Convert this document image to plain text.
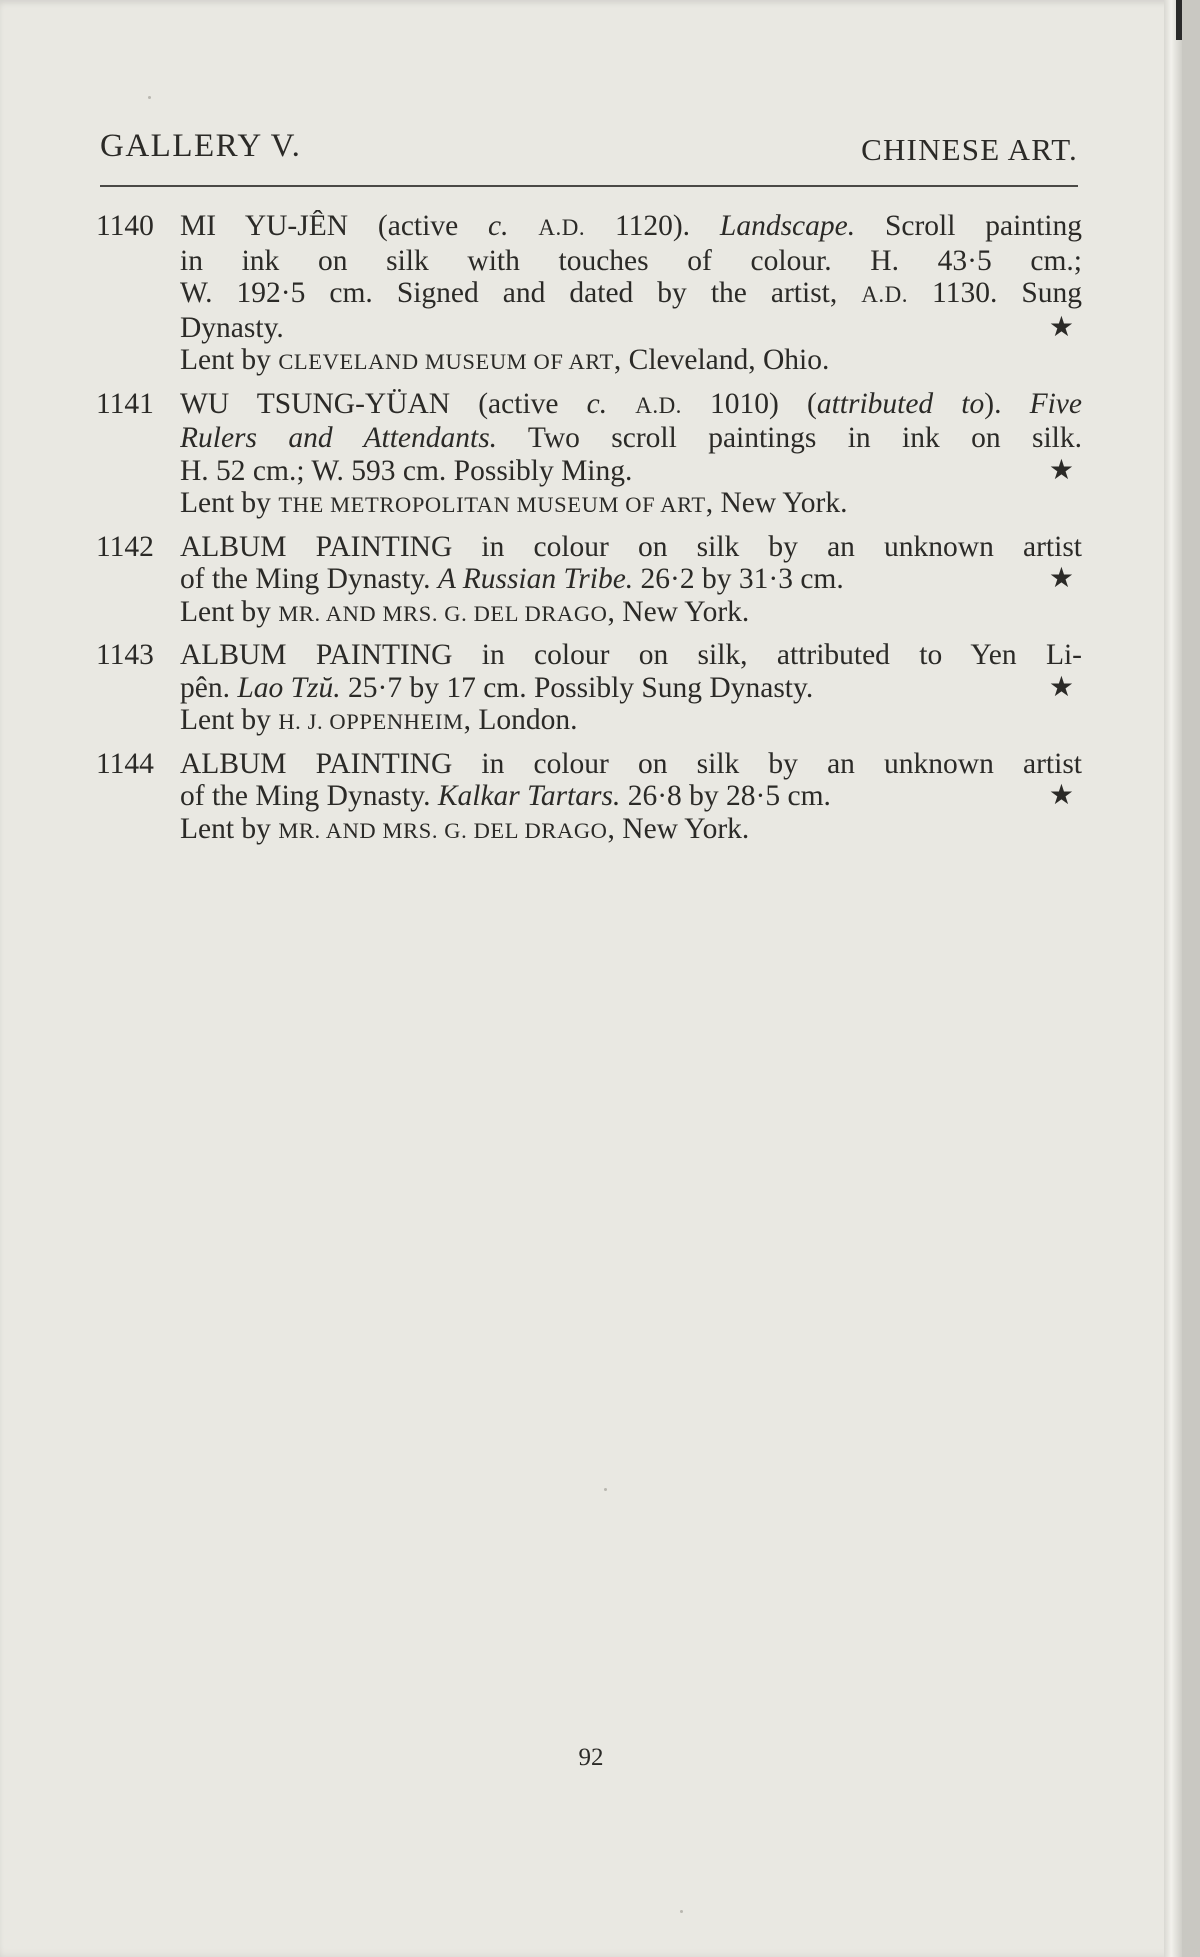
GALLERY V.	CHINESE ART.
1140 MI YU-JÊN (active c. A.D. 1120). Landscape. Scroll painting
in ink on silk with touches of colour. H. 43·5 cm.;
W. 192·5 cm. Signed and dated by the artist, A.D. 1130. Sung
Dynasty.	★
Lent by CLEVELAND MUSEUM OF ART, Cleveland, Ohio.
1141 WU TSUNG-YÜAN (active c. A.D. 1010) (attributed to). Five
Rulers and Attendants. Two scroll paintings in ink on silk.
H. 52 cm.; W. 593 cm. Possibly Ming.	★
Lent by THE METROPOLITAN MUSEUM OF ART, New York.
1142 ALBUM PAINTING in colour on silk by an unknown artist
of the Ming Dynasty. A Russian Tribe. 26·2 by 31·3 cm.	★
Lent by MR. AND MRS. G. DEL DRAGO, New York.
1143 ALBUM PAINTING in colour on silk, attributed to Yen Li-
pên. Lao Tzŭ. 25·7 by 17 cm. Possibly Sung Dynasty.	★
Lent by H. J. OPPENHEIM, London.
1144 ALBUM PAINTING in colour on silk by an unknown artist
of the Ming Dynasty. Kalkar Tartars. 26·8 by 28·5 cm.	★
Lent by MR. AND MRS. G. DEL DRAGO, New York.
92
